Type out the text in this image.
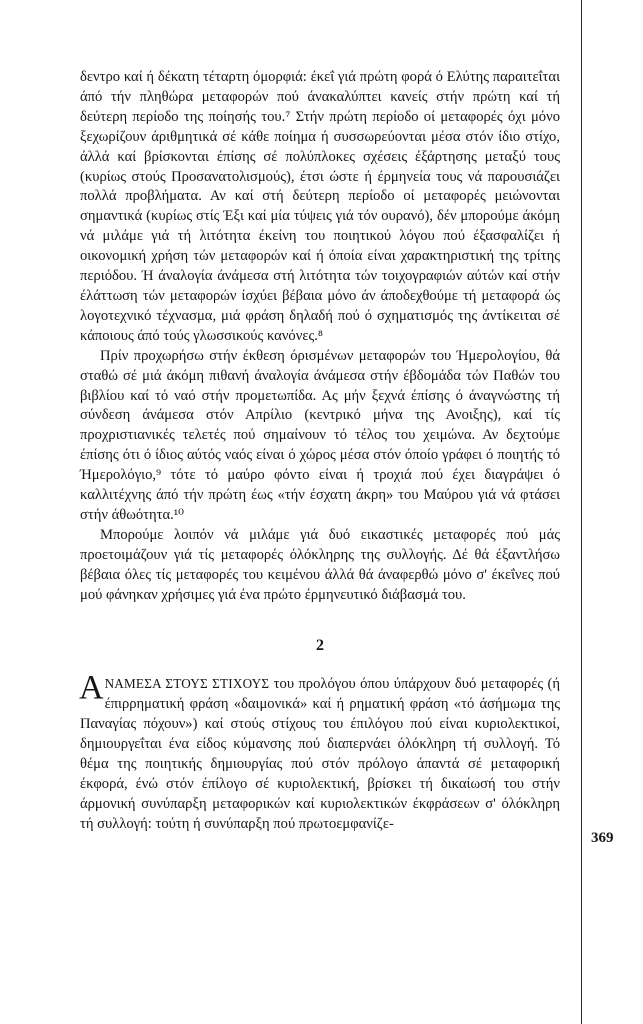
δεντρο καί ή δέκατη τέταρτη όμορφιά: έκεΐ γιά πρώτη φορά ό Ελύτης παραιτεΐται άπό τήν πληθώρα μεταφορών πού άνακαλύπτει κανείς στήν πρώτη καί τή δεύτερη περίοδο της ποίησής του.⁷ Στήν πρώτη περίοδο οί μεταφορές όχι μόνο ξεχωρίζουν άριθμητικά σέ κάθε ποίημα ή συσσωρεύονται μέσα στόν ίδιο στίχο, άλλά καί βρίσκονται έπίσης σέ πολύπλοκες σχέσεις έξάρτησης μεταξύ τους (κυρίως στούς Προσανατολισμούς), έτσι ώστε ή έρμηνεία τους νά παρουσιάζει πολλά προβλήματα. Αν καί στή δεύτερη περίοδο οί μεταφορές μειώνονται σημαντικά (κυρίως στίς Έξι καί μία τύψεις γιά τόν ουρανό), δέν μπορούμε άκόμη νά μιλάμε γιά τή λιτότητα έκείνη του ποιητικού λόγου πού έξασφαλίζει ή οικονομική χρήση τών μεταφορών καί ή όποία είναι χαρακτηριστική της τρίτης περιόδου. Ή άναλογία άνάμεσα στή λιτότητα τών τοιχογραφιών αύτών καί στήν έλάττωση τών μεταφορών ίσχύει βέβαια μόνο άν άποδεχθούμε τή μεταφορά ώς λογοτεχνικό τέχνασμα, μιά φράση δηλαδή πού ό σχηματισμός της άντίκειται σέ κάποιους άπό τούς γλωσσικούς κανόνες.⁸

Πρίν προχωρήσω στήν έκθεση όρισμένων μεταφορών του Ήμερολογίου, θά σταθώ σέ μιά άκόμη πιθανή άναλογία άνάμεσα στήν έβδομάδα τών Παθών του βιβλίου καί τό ναό στήν προμετωπίδα. Ας μήν ξεχνά έπίσης ό άναγνώστης τή σύνδεση άνάμεσα στόν Απρίλιο (κεντρικό μήνα της Ανοιξης), καί τίς προχριστιανικές τελετές πού σημαίνουν τό τέλος του χειμώνα. Αν δεχτούμε έπίσης ότι ό ίδιος αύτός ναός είναι ό χώρος μέσα στόν όποίο γράφει ό ποιητής τό Ήμερολόγιο,⁹ τότε τό μαύρο φόντο είναι ή τροχιά πού έχει διαγράψει ό καλλιτέχνης άπό τήν πρώτη έως «τήν έσχατη άκρη» του Μαύρου γιά νά φτάσει στήν άθωότητα.¹⁰

Μπορούμε λοιπόν νά μιλάμε γιά δυό εικαστικές μεταφορές πού μάς προετοιμάζουν γιά τίς μεταφορές όλόκληρης της συλλογής. Δέ θά έξαντλήσω βέβαια όλες τίς μεταφορές του κειμένου άλλά θά άναφερθώ μόνο σ' έκεΐνες πού μού φάνηκαν χρήσιμες γιά ένα πρώτο έρμηνευτικό διάβασμά του.

2

ΑΝΑΜΕΣΑ ΣΤΟΥΣ ΣΤΙΧΟΥΣ του προλόγου όπου ύπάρχουν δυό μεταφορές (ή έπιρρηματική φράση «δαιμονικά» καί ή ρηματική φράση «τό άσήμωμα της Παναγίας πόχουν») καί στούς στίχους του έπιλόγου πού είναι κυριολεκτικοί, δημιουργεΐται ένα είδος κύμανσης πού διαπερνάει όλόκληρη τή συλλογή. Τό θέμα της ποιητικής δημιουργίας πού στόν πρόλογο άπαντά σέ μεταφορική έκφορά, ένώ στόν έπίλογο σέ κυριολεκτική, βρίσκει τή δικαίωσή του στήν άρμονική συνύπαρξη μεταφορικών καί κυριολεκτικών έκφράσεων σ' όλόκληρη τή συλλογή: τούτη ή συνύπαρξη πού πρωτοεμφανίζε-

369
